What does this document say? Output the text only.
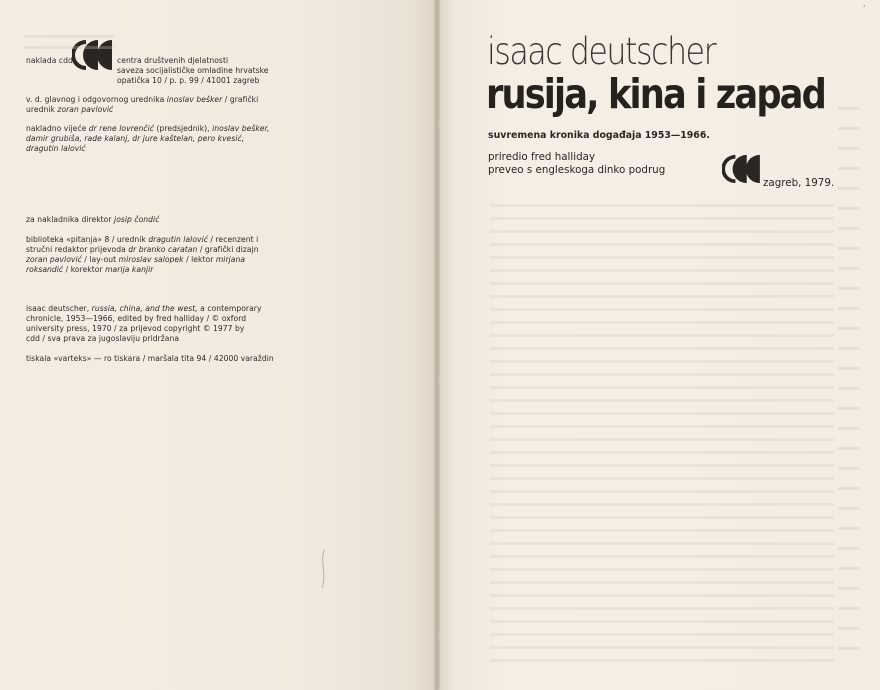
naklada cdd	centra društvenih djelatnosti
saveza socijalističke omladine hrvatske
opatička 10 / p. p. 99 / 41001 zagreb
v. d. glavnog i odgovornog urednika inoslav bešker / grafički
urednik zoran pavlović
nakladno vijeće dr rene lovrenčić (predsjednik), inoslav bešker,
damir grubiša, rade kalanj, dr jure kaštelan, pero kvesić,
dragutin lalović
za nakladnika direktor josip čondić
biblioteka «pitanja» 8 / urednik dragutin lalović / recenzent i
stručni redaktor prijevoda dr branko caratan / grafički dizajn
zoran pavlović / lay-out miroslav salopek / lektor mirjana
roksandić / korektor marija kanjir
isaac deutscher, russia, china, and the west, a contemporary
chronicle, 1953—1966, edited by fred halliday / © oxford
university press, 1970 / za prijevod copyright © 1977 by
cdd / sva prava za jugoslaviju pridržana
tiskala «varteks» — ro tiskara / maršala tita 94 / 42000 varaždin
ˈ
isaac deutscher
rusija, kina i zapad
suvremena kronika događaja 1953—1966.
priredio fred halliday
preveo s engleskoga dinko podrug
zagreb, 1979.
